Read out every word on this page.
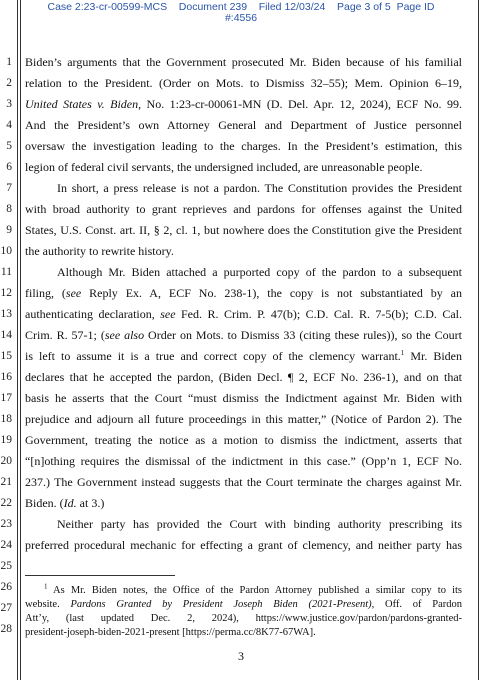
Case 2:23-cr-00599-MCS Document 239 Filed 12/03/24 Page 3 of 5 Page ID
#:4556
1
2
3
4
5
6
7
8
9
10
11
12
13
14
15
16
17
18
19
20
21
22
23
24
25
26
27
28
Biden’s arguments that the Government prosecuted Mr. Biden because of his familial
relation to the President. (Order on Mots. to Dismiss 32–55); Mem. Opinion 6–19,
United States v. Biden, No. 1:23-cr-00061-MN (D. Del. Apr. 12, 2024), ECF No. 99.
And the President’s own Attorney General and Department of Justice personnel
oversaw the investigation leading to the charges. In the President’s estimation, this
legion of federal civil servants, the undersigned included, are unreasonable people.
In short, a press release is not a pardon. The Constitution provides the President
with broad authority to grant reprieves and pardons for offenses against the United
States, U.S. Const. art. II, § 2, cl. 1, but nowhere does the Constitution give the President
the authority to rewrite history.
Although Mr. Biden attached a purported copy of the pardon to a subsequent
filing, (see Reply Ex. A, ECF No. 238-1), the copy is not substantiated by an
authenticating declaration, see Fed. R. Crim. P. 47(b); C.D. Cal. R. 7-5(b); C.D. Cal.
Crim. R. 57-1; (see also Order on Mots. to Dismiss 33 (citing these rules)), so the Court
is left to assume it is a true and correct copy of the clemency warrant.$^1$ Mr. Biden
declares that he accepted the pardon, (Biden Decl. ¶ 2, ECF No. 236-1), and on that
basis he asserts that the Court “must dismiss the Indictment against Mr. Biden with
prejudice and adjourn all future proceedings in this matter,” (Notice of Pardon 2). The
Government, treating the notice as a motion to dismiss the indictment, asserts that
“[n]othing requires the dismissal of the indictment in this case.” (Opp’n 1, ECF No.
237.) The Government instead suggests that the Court terminate the charges against Mr.
Biden. (Id. at 3.)
Neither party has provided the Court with binding authority prescribing its
preferred procedural mechanic for effecting a grant of clemency, and neither party has
$^1$ As Mr. Biden notes, the Office of the Pardon Attorney published a similar copy to its
website. Pardons Granted by President Joseph Biden (2021-Present), Off. of Pardon
Att’y, (last updated Dec. 2, 2024), https://www.justice.gov/pardon/pardons-granted-
president-joseph-biden-2021-present [https://perma.cc/8K77-67WA].
3
